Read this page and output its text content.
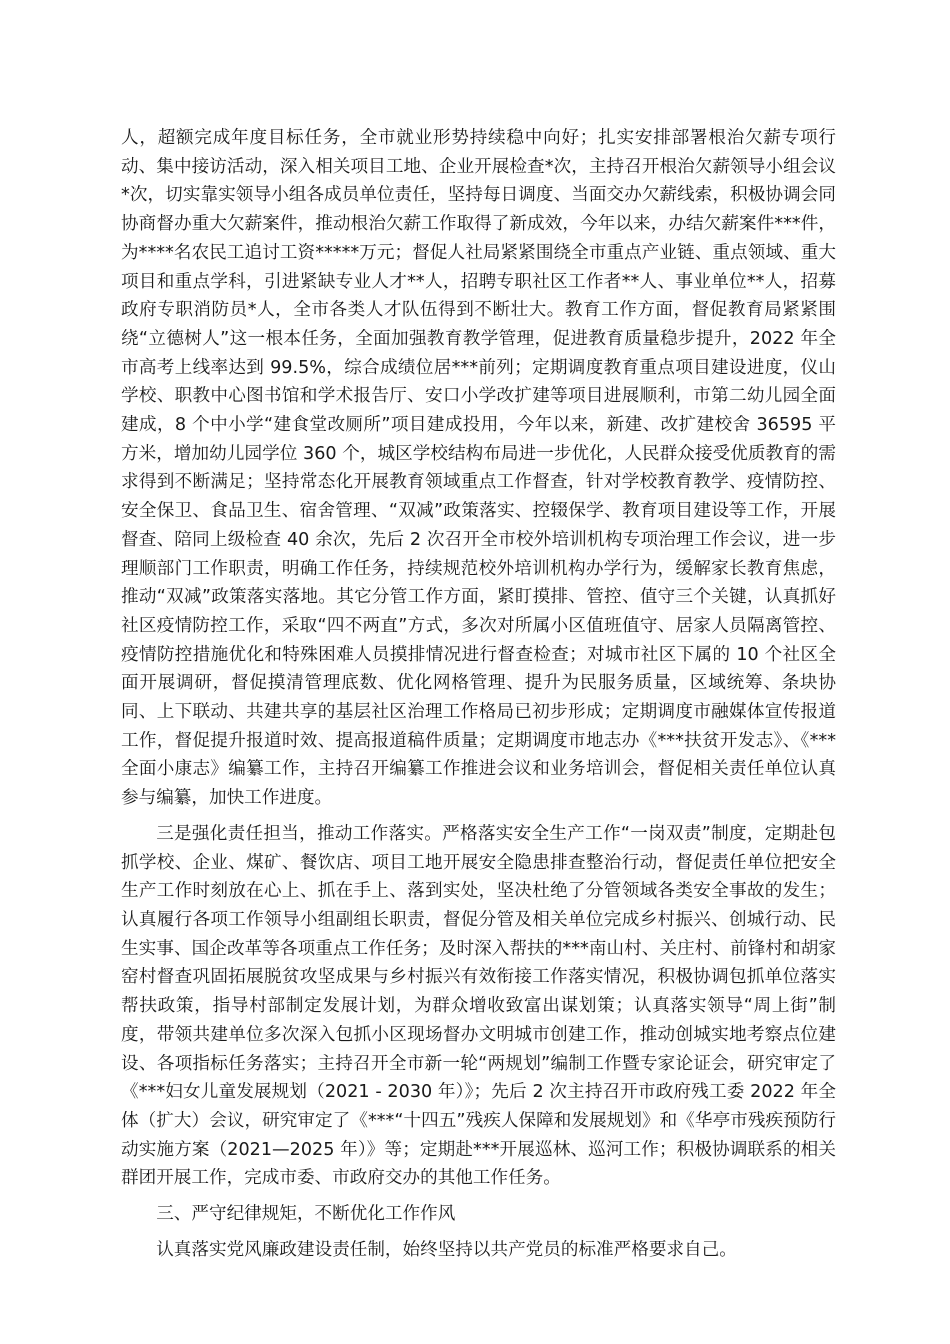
人，超额完成年度目标任务，全市就业形势持续稳中向好；扎实安排部署根治欠薪专项行动、集中接访活动，深入相关项目工地、企业开展检查*次，主持召开根治欠薪领导小组会议*次，切实靠实领导小组各成员单位责任，坚持每日调度、当面交办欠薪线索，积极协调会同协商督办重大欠薪案件，推动根治欠薪工作取得了新成效，今年以来，办结欠薪案件***件，为****名农民工追讨工资*****万元；督促人社局紧紧围绕全市重点产业链、重点领域、重大项目和重点学科，引进紧缺专业人才**人，招聘专职社区工作者**人、事业单位**人，招募政府专职消防员*人，全市各类人才队伍得到不断壮大。教育工作方面，督促教育局紧紧围绕“立德树人”这一根本任务，全面加强教育教学管理，促进教育质量稳步提升，2022 年全市高考上线率达到 99.5%，综合成绩位居***前列；定期调度教育重点项目建设进度，仪山学校、职教中心图书馆和学术报告厅、安口小学改扩建等项目进展顺利，市第二幼儿园全面建成，8 个中小学“建食堂改厕所”项目建成投用，今年以来，新建、改扩建校舍 36595 平方米，增加幼儿园学位 360 个，城区学校结构布局进一步优化，人民群众接受优质教育的需求得到不断满足；坚持常态化开展教育领域重点工作督查，针对学校教育教学、疫情防控、安全保卫、食品卫生、宿舍管理、“双减”政策落实、控辍保学、教育项目建设等工作，开展督查、陪同上级检查 40 余次，先后 2 次召开全市校外培训机构专项治理工作会议，进一步理顺部门工作职责，明确工作任务，持续规范校外培训机构办学行为，缓解家长教育焦虑，推动“双减”政策落实落地。其它分管工作方面，紧盯摸排、管控、值守三个关键，认真抓好社区疫情防控工作，采取“四不两直”方式，多次对所属小区值班值守、居家人员隔离管控、疫情防控措施优化和特殊困难人员摸排情况进行督查检查；对城市社区下属的 10 个社区全面开展调研，督促摸清管理底数、优化网格管理、提升为民服务质量，区域统筹、条块协同、上下联动、共建共享的基层社区治理工作格局已初步形成；定期调度市融媒体宣传报道工作，督促提升报道时效、提高报道稿件质量；定期调度市地志办《***扶贫开发志》、《***全面小康志》编纂工作，主持召开编纂工作推进会议和业务培训会，督促相关责任单位认真参与编纂，加快工作进度。

三是强化责任担当，推动工作落实。严格落实安全生产工作“一岗双责”制度，定期赴包抓学校、企业、煤矿、餐饮店、项目工地开展安全隐患排查整治行动，督促责任单位把安全生产工作时刻放在心上、抓在手上、落到实处，坚决杜绝了分管领域各类安全事故的发生；认真履行各项工作领导小组副组长职责，督促分管及相关单位完成乡村振兴、创城行动、民生实事、国企改革等各项重点工作任务；及时深入帮扶的***南山村、关庄村、前锋村和胡家窑村督查巩固拓展脱贫攻坚成果与乡村振兴有效衔接工作落实情况，积极协调包抓单位落实帮扶政策，指导村部制定发展计划，为群众增收致富出谋划策；认真落实领导“周上街”制度，带领共建单位多次深入包抓小区现场督办文明城市创建工作，推动创城实地考察点位建设、各项指标任务落实；主持召开全市新一轮“两规划”编制工作暨专家论证会，研究审定了《***妇女儿童发展规划（2021 - 2030 年）》；先后 2 次主持召开市政府残工委 2022 年全体（扩大）会议，研究审定了《***“十四五”残疾人保障和发展规划》和《华亭市残疾预防行动实施方案（2021—2025 年）》等；定期赴***开展巡林、巡河工作；积极协调联系的相关群团开展工作，完成市委、市政府交办的其他工作任务。

三、严守纪律规矩，不断优化工作作风

认真落实党风廉政建设责任制，始终坚持以共产党员的标准严格要求自己。
